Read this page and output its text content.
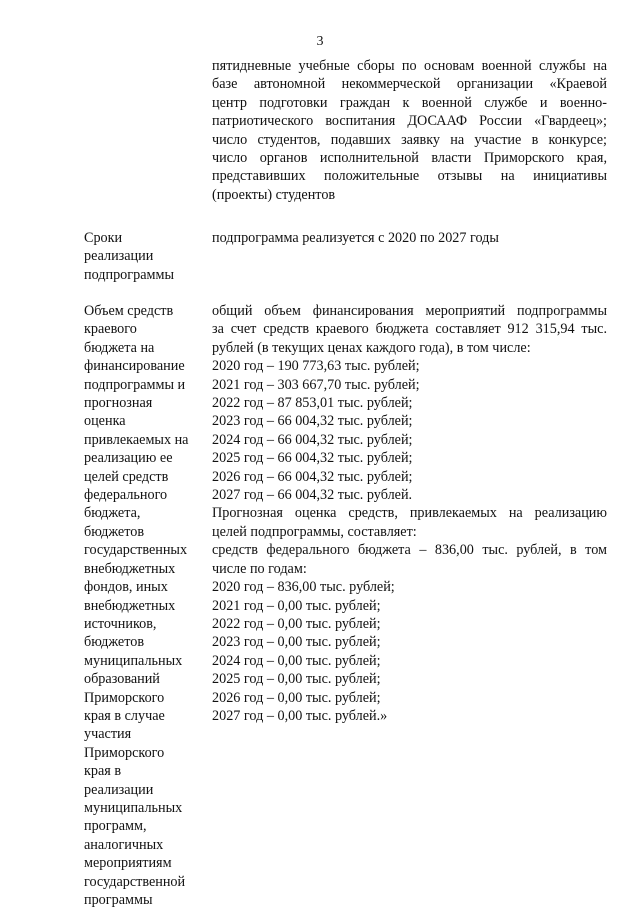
3
пятидневные учебные сборы по основам военной службы на
базе автономной некоммерческой организации «Краевой
центр подготовки граждан к военной службе и военно-
патриотического воспитания ДОСААФ России «Гвардеец»;
число студентов, подавших заявку на участие в конкурсе;
число органов исполнительной власти Приморского края,
представивших положительные отзывы на инициативы
(проекты) студентов
Сроки
реализации
подпрограммы
подпрограмма реализуется с 2020 по 2027 годы
Объем средств
краевого
бюджета на
финансирование
подпрограммы и
прогнозная
оценка
привлекаемых на
реализацию ее
целей средств
федерального
бюджета,
бюджетов
государственных
внебюджетных
фондов, иных
внебюджетных
источников,
бюджетов
муниципальных
образований
Приморского
края в случае
участия
Приморского
края в
реализации
муниципальных
программ,
аналогичных
мероприятиям
государственной
программы
общий объем финансирования мероприятий подпрограммы
за счет средств краевого бюджета составляет 912 315,94 тыс.
рублей (в текущих ценах каждого года), в том числе:
2020 год – 190 773,63 тыс. рублей;
2021 год – 303 667,70 тыс. рублей;
2022 год – 87 853,01 тыс. рублей;
2023 год – 66 004,32 тыс. рублей;
2024 год – 66 004,32 тыс. рублей;
2025 год – 66 004,32 тыс. рублей;
2026 год – 66 004,32 тыс. рублей;
2027 год – 66 004,32 тыс. рублей.
Прогнозная оценка средств, привлекаемых на реализацию
целей подпрограммы, составляет:
средств федерального бюджета – 836,00 тыс. рублей, в том
числе по годам:
2020 год – 836,00 тыс. рублей;
2021 год – 0,00 тыс. рублей;
2022 год – 0,00 тыс. рублей;
2023 год – 0,00 тыс. рублей;
2024 год – 0,00 тыс. рублей;
2025 год – 0,00 тыс. рублей;
2026 год – 0,00 тыс. рублей;
2027 год – 0,00 тыс. рублей.»
